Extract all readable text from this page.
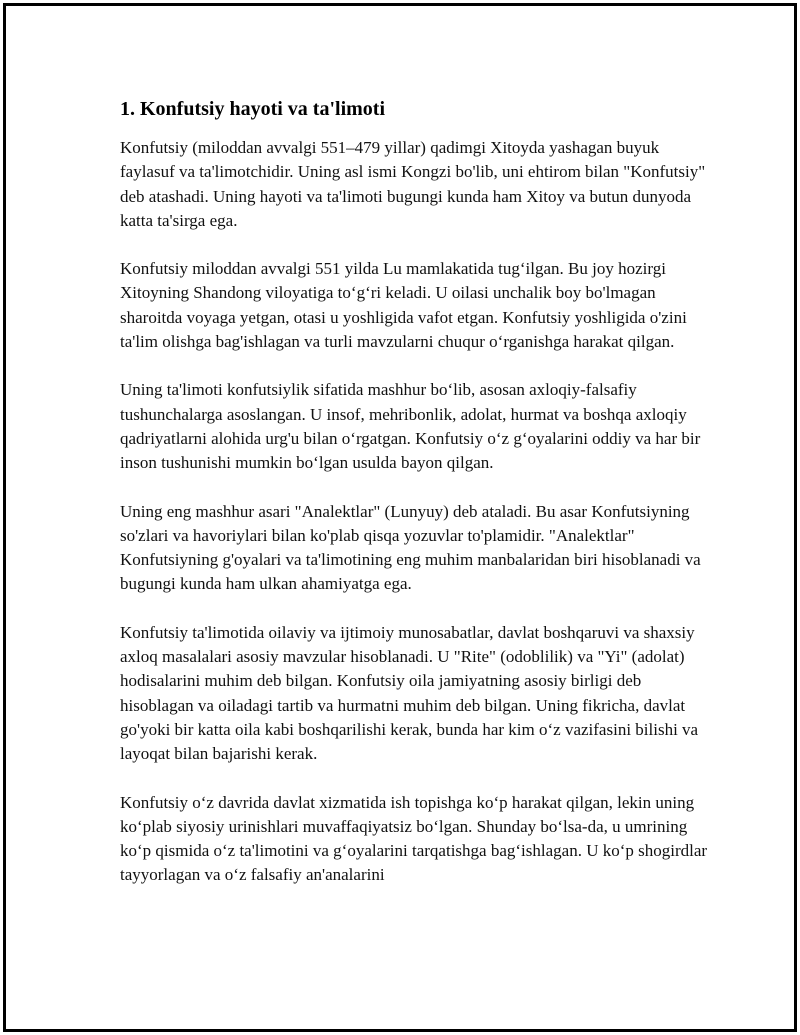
1. Konfutsiy hayoti va ta'limoti

Konfutsiy (miloddan avvalgi 551–479 yillar) qadimgi Xitoyda yashagan buyuk faylasuf va ta'limotchidir. Uning asl ismi Kongzi bo'lib, uni ehtirom bilan "Konfutsiy" deb atashadi. Uning hayoti va ta'limoti bugungi kunda ham Xitoy va butun dunyoda katta ta'sirga ega.

Konfutsiy miloddan avvalgi 551 yilda Lu mamlakatida tug‘ilgan. Bu joy hozirgi Xitoyning Shandong viloyatiga to‘g‘ri keladi. U oilasi unchalik boy bo'lmagan sharoitda voyaga yetgan, otasi u yoshligida vafot etgan. Konfutsiy yoshligida o'zini ta'lim olishga bag'ishlagan va turli mavzularni chuqur o‘rganishga harakat qilgan.

Uning ta'limoti konfutsiylik sifatida mashhur bo‘lib, asosan axloqiy-falsafiy tushunchalarga asoslangan. U insof, mehribonlik, adolat, hurmat va boshqa axloqiy qadriyatlarni alohida urg'u bilan o‘rgatgan. Konfutsiy o‘z g‘oyalarini oddiy va har bir inson tushunishi mumkin bo‘lgan usulda bayon qilgan.

Uning eng mashhur asari "Analektlar" (Lunyuy) deb ataladi. Bu asar Konfutsiyning so'zlari va havoriylari bilan ko'plab qisqa yozuvlar to'plamidir. "Analektlar" Konfutsiyning g'oyalari va ta'limotining eng muhim manbalaridan biri hisoblanadi va bugungi kunda ham ulkan ahamiyatga ega.

Konfutsiy ta'limotida oilaviy va ijtimoiy munosabatlar, davlat boshqaruvi va shaxsiy axloq masalalari asosiy mavzular hisoblanadi. U "Rite" (odoblilik) va "Yi" (adolat) hodisalarini muhim deb bilgan. Konfutsiy oila jamiyatning asosiy birligi deb hisoblagan va oiladagi tartib va hurmatni muhim deb bilgan. Uning fikricha, davlat go'yoki bir katta oila kabi boshqarilishi kerak, bunda har kim o‘z vazifasini bilishi va layoqat bilan bajarishi kerak.

Konfutsiy o‘z davrida davlat xizmatida ish topishga ko‘p harakat qilgan, lekin uning ko‘plab siyosiy urinishlari muvaffaqiyatsiz bo‘lgan. Shunday bo‘lsa-da, u umrining ko‘p qismida o‘z ta'limotini va g‘oyalarini tarqatishga bag‘ishlagan. U ko‘p shogirdlar tayyorlagan va o‘z falsafiy an'analarini
